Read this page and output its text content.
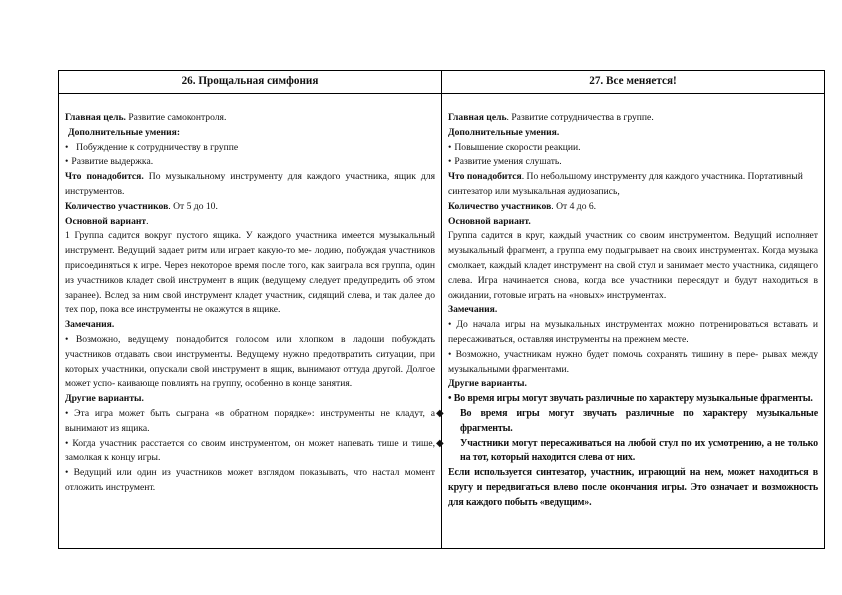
26. Прощальная симфония

Главная цель. Развитие самоконтроля.

Дополнительные умения:

• Побуждение к сотрудничеству в группе

• Развитие выдержка.

Что понадобится. По музыкальному инструменту для каждого участника, ящик для инструментов.

Количество участников. От 5 до 10.

Основной вариант.

1 Группа садится вокруг пустого ящика. У каждого участника имеется музыкальный инструмент. Ведущий задает ритм или играет какую-то ме- лодию, побуждая участников присоединяться к игре. Через некоторое время после того, как заиграла вся группа, один из участников кладет свой инструмент в ящик (ведущему следует предупредить об этом заранее). Вслед за ним свой инструмент кладет участник, сидящий слева, и так далее до тех пор, пока все инструменты не окажутся в ящике.

Замечания.

• Возможно, ведущему понадобится голосом или хлопком в ладоши побуждать участников отдавать свои инструменты. Ведущему нужно предотвратить ситуации, при которых участники, опускали свой инструмент в ящик, вынимают оттуда другой. Долгое может успо- каивающе повлиять на группу, особенно в конце занятия.

Другие варианты.

• Эта игра может быть сыграна «в обратном порядке»: инструменты не кладут, а вынимают из ящика.

• Когда участник расстается со своим инструментом, он может напевать тише и тише, замолкая к концу игры.

• Ведущий или один из участников может взглядом показывать, что настал момент отложить инструмент.

27. Все меняется!

Главная цель. Развитие сотрудничества в группе.

Дополнительные умения.

• Повышение скорости реакции.

• Развитие умения слушать.

Что понадобится. По небольшому инструменту для каждого участника. Портативный синтезатор или музыкальная аудиозапись,

Количество участников. От 4 до 6.

Основной вариант.

Группа садится в круг, каждый участник со своим инструментом. Ведущий исполняет музыкальный фрагмент, а группа ему подыгрывает на своих инструментах. Когда музыка смолкает, каждый кладет инструмент на свой стул и занимает место участника, сидящего слева. Игра начинается снова, когда все участники пересядут и будут находиться в ожидании, готовые играть на «новых» инструментах.

Замечания.

• До начала игры на музыкальных инструментах можно потренироваться вставать и пересаживаться, оставляя инструменты на прежнем месте.

• Возможно, участникам нужно будет помочь сохранять тишину в пере- рывах между музыкальными фрагментами.

Другие варианты.

• Во время игры могут звучать различные по характеру музыкальные фрагменты.

◆ Во время игры могут звучать различные по характеру музыкальные фрагменты.

◆ Участники могут пересаживаться на любой стул по их усмотрению, а не только на тот, который находится слева от них.

Если используется синтезатор, участник, играющий на нем, может находиться в кругу и передвигаться влево после окончания игры. Это означает и возможность для каждого побыть «ведущим».
